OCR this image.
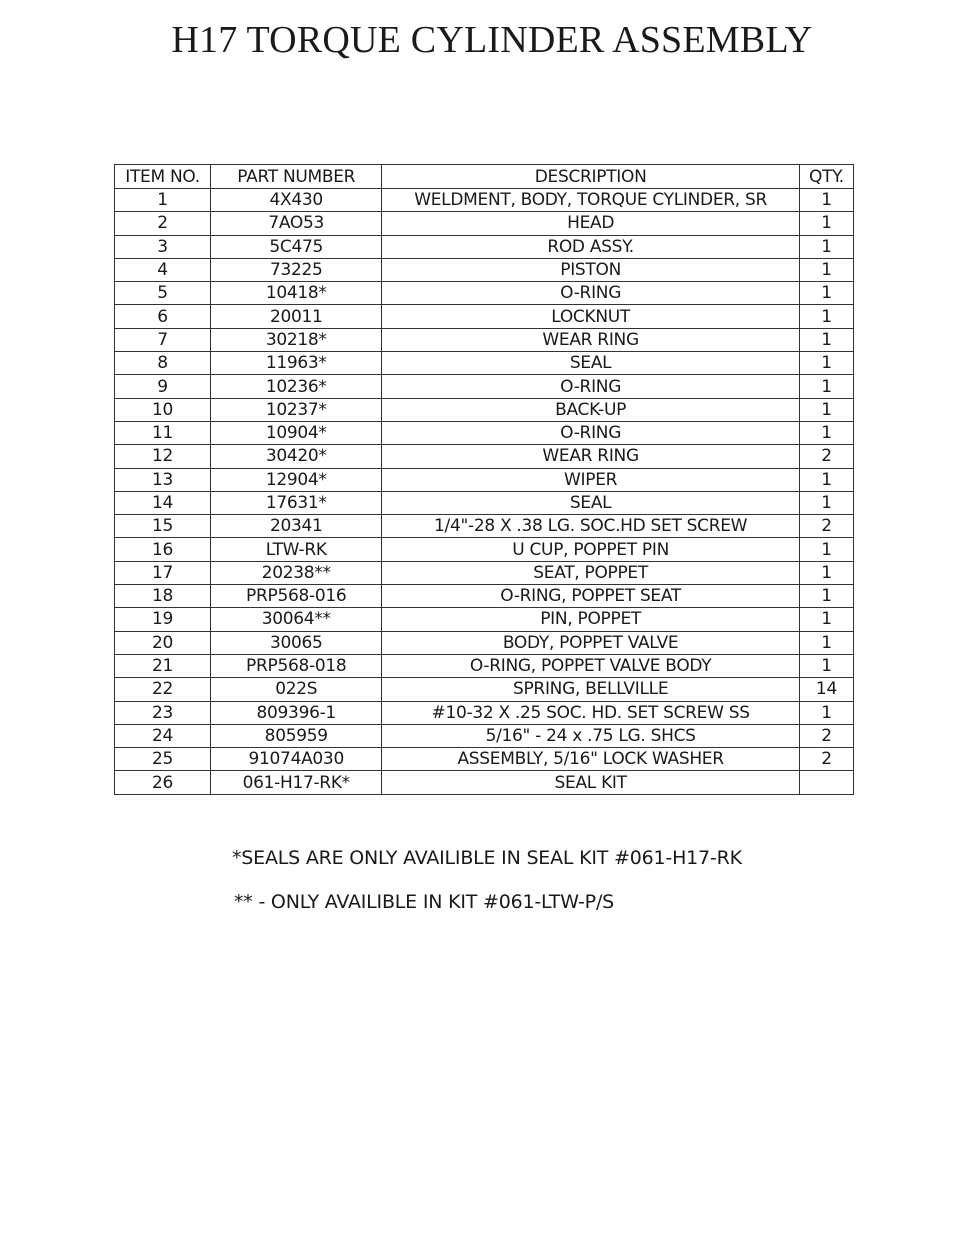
H17 TORQUE CYLINDER ASSEMBLY
ITEM NO.	PART NUMBER	DESCRIPTION	QTY.
1	4X430	WELDMENT, BODY, TORQUE CYLINDER, SR	1
2	7AO53	HEAD	1
3	5C475	ROD ASSY.	1
4	73225	PISTON	1
5	10418*	O-RING	1
6	20011	LOCKNUT	1
7	30218*	WEAR RING	1
8	11963*	SEAL	1
9	10236*	O-RING	1
10	10237*	BACK-UP	1
11	10904*	O-RING	1
12	30420*	WEAR RING	2
13	12904*	WIPER	1
14	17631*	SEAL	1
15	20341	1/4"-28 X .38 LG. SOC.HD SET SCREW	2
16	LTW-RK	U CUP, POPPET PIN	1
17	20238**	SEAT, POPPET	1
18	PRP568-016	O-RING, POPPET SEAT	1
19	30064**	PIN, POPPET	1
20	30065	BODY, POPPET VALVE	1
21	PRP568-018	O-RING, POPPET VALVE BODY	1
22	022S	SPRING, BELLVILLE	14
23	809396-1	#10-32 X .25 SOC. HD. SET SCREW SS	1
24	805959	5/16" - 24 x .75 LG. SHCS	2
25	91074A030	ASSEMBLY, 5/16" LOCK WASHER	2
26	061-H17-RK*	SEAL KIT	
*SEALS ARE ONLY AVAILIBLE IN SEAL KIT #061-H17-RK
** - ONLY AVAILIBLE IN KIT #061-LTW-P/S
